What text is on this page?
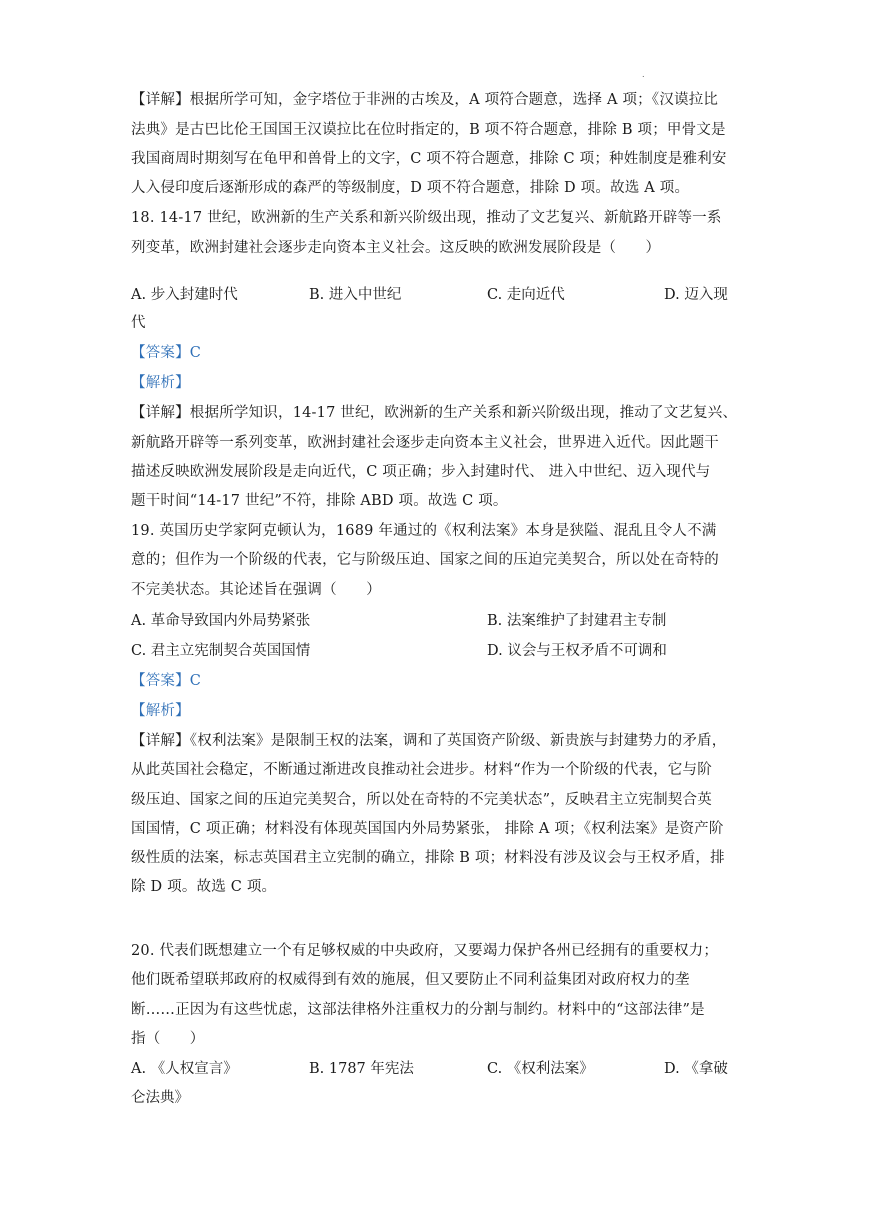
.
【详解】根据所学可知，金字塔位于非洲的古埃及，A 项符合题意，选择 A 项；《汉谟拉比
法典》是古巴比伦王国国王汉谟拉比在位时指定的，B 项不符合题意，排除 B 项；甲骨文是
我国商周时期刻写在龟甲和兽骨上的文字，C 项不符合题意，排除 C 项；种姓制度是雅利安
人入侵印度后逐渐形成的森严的等级制度，D 项不符合题意，排除 D 项。故选 A 项。
18. 14-17 世纪，欧洲新的生产关系和新兴阶级出现，推动了文艺复兴、新航路开辟等一系
列变革，欧洲封建社会逐步走向资本主义社会。这反映的欧洲发展阶段是（　　）
A. 步入封建时代	B. 进入中世纪	C. 走向近代	D. 迈入现
代
【答案】C
【解析】
【详解】根据所学知识，14-17 世纪，欧洲新的生产关系和新兴阶级出现，推动了文艺复兴、
新航路开辟等一系列变革，欧洲封建社会逐步走向资本主义社会，世界进入近代。因此题干
描述反映欧洲发展阶段是走向近代，C 项正确；步入封建时代、 进入中世纪、迈入现代与
题干时间“14-17 世纪”不符，排除 ABD 项。故选 C 项。
19. 英国历史学家阿克顿认为，1689 年通过的《权利法案》本身是狭隘、混乱且令人不满
意的；但作为一个阶级的代表，它与阶级压迫、国家之间的压迫完美契合，所以处在奇特的
不完美状态。其论述旨在强调（　　）
A. 革命导致国内外局势紧张	B. 法案维护了封建君主专制
C. 君主立宪制契合英国国情	D. 议会与王权矛盾不可调和
【答案】C
【解析】
【详解】《权利法案》是限制王权的法案，调和了英国资产阶级、新贵族与封建势力的矛盾，
从此英国社会稳定，不断通过渐进改良推动社会进步。材料“作为一个阶级的代表，它与阶
级压迫、国家之间的压迫完美契合，所以处在奇特的不完美状态”，反映君主立宪制契合英
国国情，C 项正确；材料没有体现英国国内外局势紧张， 排除 A 项；《权利法案》是资产阶
级性质的法案，标志英国君主立宪制的确立，排除 B 项；材料没有涉及议会与王权矛盾，排
除 D 项。故选 C 项。
20. 代表们既想建立一个有足够权威的中央政府，又要竭力保护各州已经拥有的重要权力；
他们既希望联邦政府的权威得到有效的施展，但又要防止不同利益集团对政府权力的垄
断……正因为有这些忧虑，这部法律格外注重权力的分割与制约。材料中的“这部法律”是
指（　　）
A. 《人权宣言》	B. 1787 年宪法	C. 《权利法案》	D. 《拿破
仑法典》
